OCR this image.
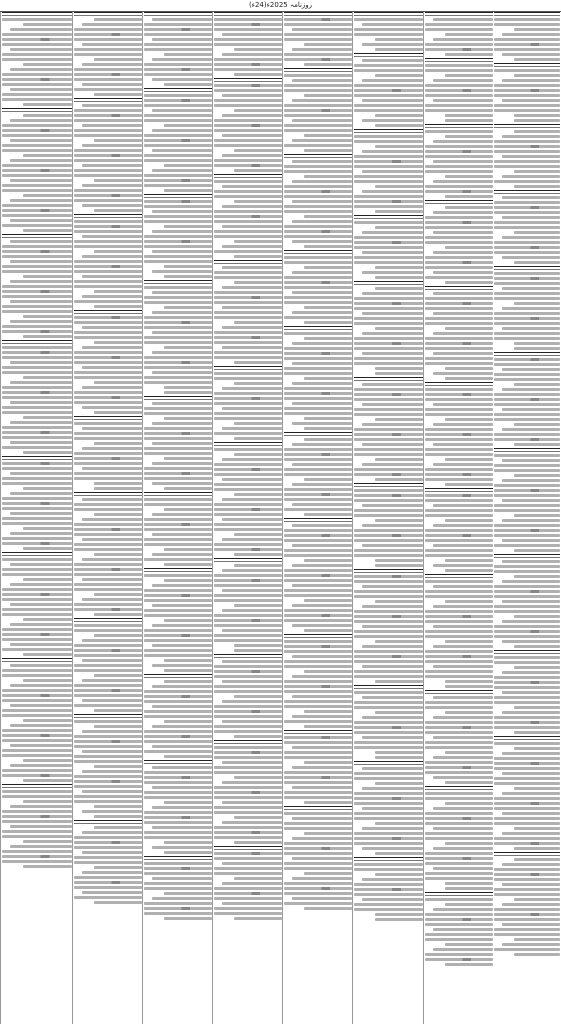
روزنامہ 2025ء(24ء)
